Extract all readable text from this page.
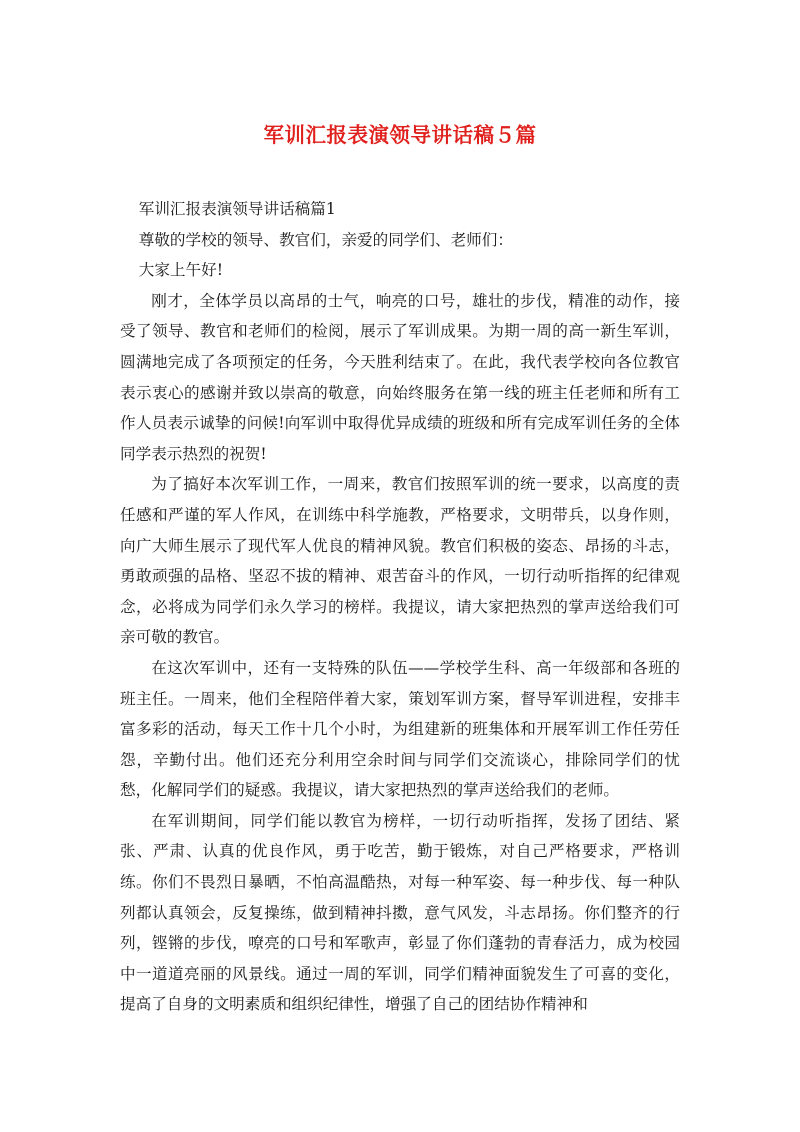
军训汇报表演领导讲话稿５篇

军训汇报表演领导讲话稿篇1

尊敬的学校的领导、教官们，亲爱的同学们、老师们：

大家上午好!

刚才，全体学员以高昂的士气，响亮的口号，雄壮的步伐，精准的动作，接受了领导、教官和老师们的检阅，展示了军训成果。为期一周的高一新生军训，圆满地完成了各项预定的任务，今天胜利结束了。在此，我代表学校向各位教官表示衷心的感谢并致以崇高的敬意，向始终服务在第一线的班主任老师和所有工作人员表示诚挚的问候!向军训中取得优异成绩的班级和所有完成军训任务的全体同学表示热烈的祝贺!

为了搞好本次军训工作，一周来，教官们按照军训的统一要求，以高度的责任感和严谨的军人作风，在训练中科学施教，严格要求，文明带兵，以身作则，向广大师生展示了现代军人优良的精神风貌。教官们积极的姿态、昂扬的斗志，勇敢顽强的品格、坚忍不拔的精神、艰苦奋斗的作风，一切行动听指挥的纪律观念，必将成为同学们永久学习的榜样。我提议，请大家把热烈的掌声送给我们可亲可敬的教官。

在这次军训中，还有一支特殊的队伍——学校学生科、高一年级部和各班的班主任。一周来，他们全程陪伴着大家，策划军训方案，督导军训进程，安排丰富多彩的活动，每天工作十几个小时，为组建新的班集体和开展军训工作任劳任怨，辛勤付出。他们还充分利用空余时间与同学们交流谈心，排除同学们的忧愁，化解同学们的疑惑。我提议，请大家把热烈的掌声送给我们的老师。

在军训期间，同学们能以教官为榜样，一切行动听指挥，发扬了团结、紧张、严肃、认真的优良作风，勇于吃苦，勤于锻炼，对自己严格要求，严格训练。你们不畏烈日暴晒，不怕高温酷热，对每一种军姿、每一种步伐、每一种队列都认真领会，反复操练，做到精神抖擞，意气风发，斗志昂扬。你们整齐的行列，铿锵的步伐，嘹亮的口号和军歌声，彰显了你们蓬勃的青春活力，成为校园中一道道亮丽的风景线。通过一周的军训，同学们精神面貌发生了可喜的变化，提高了自身的文明素质和组织纪律性，增强了自己的团结协作精神和
